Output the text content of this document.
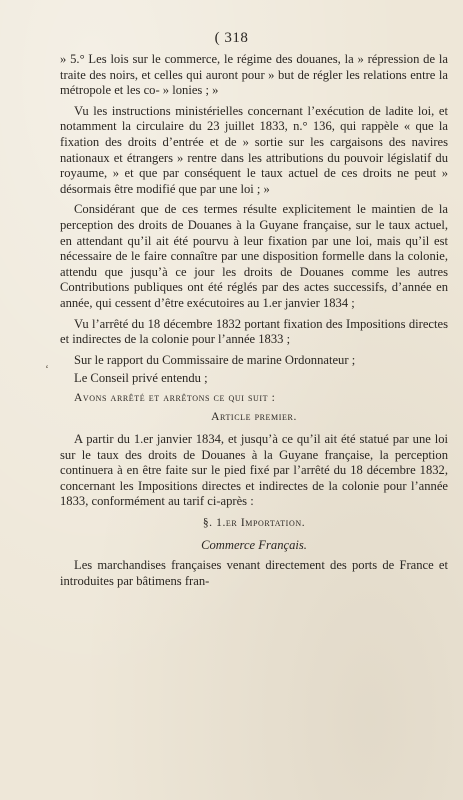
( 318
‘

» 5.° Les lois sur le commerce, le régime des douanes, la » répression de la traite des noirs, et celles qui auront pour » but de régler les relations entre la métropole et les co- » lonies ; »

Vu les instructions ministérielles concernant l’exécution de ladite loi, et notamment la circulaire du 23 juillet 1833, n.° 136, qui rappèle « que la fixation des droits d’entrée et de » sortie sur les cargaisons des navires nationaux et étrangers » rentre dans les attributions du pouvoir législatif du royaume, » et que par conséquent le taux actuel de ces droits ne peut » désormais être modifié que par une loi ; »

Considérant que de ces termes résulte explicitement le maintien de la perception des droits de Douanes à la Guyane française, sur le taux actuel, en attendant qu’il ait été pourvu à leur fixation par une loi, mais qu’il est nécessaire de le faire connaître par une disposition formelle dans la colonie, attendu que jusqu’à ce jour les droits de Douanes comme les autres Contributions publiques ont été réglés par des actes successifs, d’année en année, qui cessent d’être exécutoires au 1.er janvier 1834 ;

Vu l’arrêté du 18 décembre 1832 portant fixation des Impositions directes et indirectes de la colonie pour l’année 1833 ;

Sur le rapport du Commissaire de marine Ordonnateur ;

Le Conseil privé entendu ;

Avons arrêté et arrêtons ce qui suit :

Article premier.

A partir du 1.er janvier 1834, et jusqu’à ce qu’il ait été statué par une loi sur le taux des droits de Douanes à la Guyane française, la perception continuera à en être faite sur le pied fixé par l’arrêté du 18 décembre 1832, concernant les Impositions directes et indirectes de la colonie pour l’année 1833, conformément au tarif ci-après :

§. 1.er Importation.
Commerce Français.

Les marchandises françaises venant directement des ports de France et introduites par bâtimens fran-
